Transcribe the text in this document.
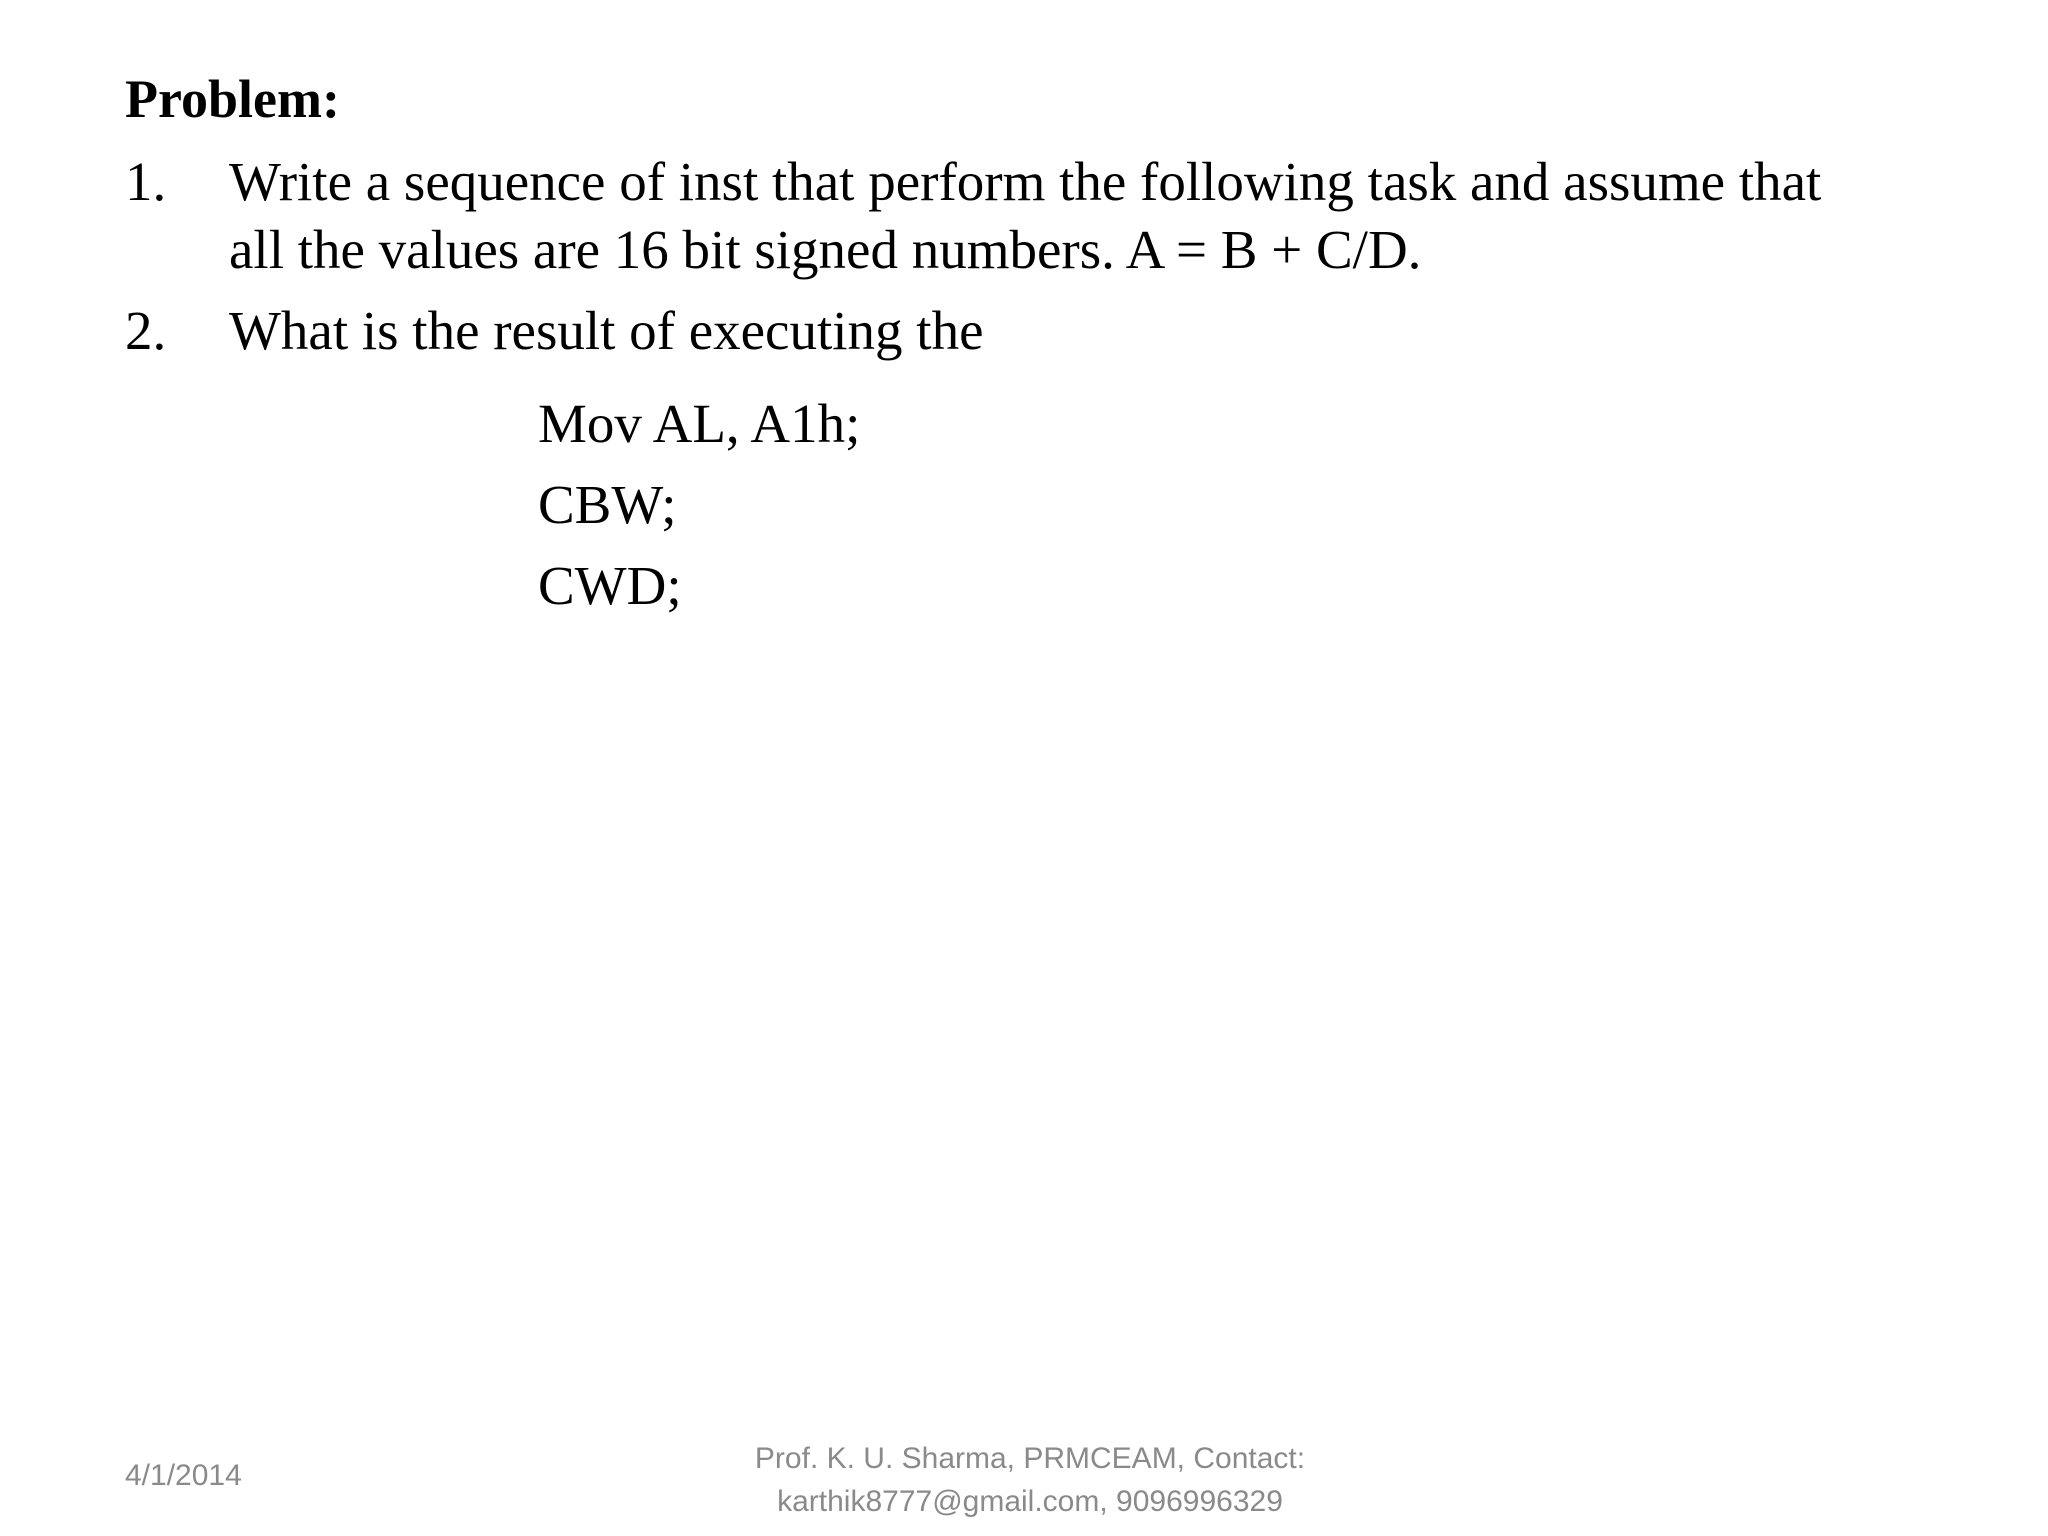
Problem:
1. Write a sequence of inst that perform the following task and assume that
all the values are 16 bit signed numbers. A = B + C/D.
2. What is the result of executing the
Mov AL, A1h;
CBW;
CWD;
4/1/2014
Prof. K. U. Sharma, PRMCEAM, Contact:
karthik8777@gmail.com, 9096996329
